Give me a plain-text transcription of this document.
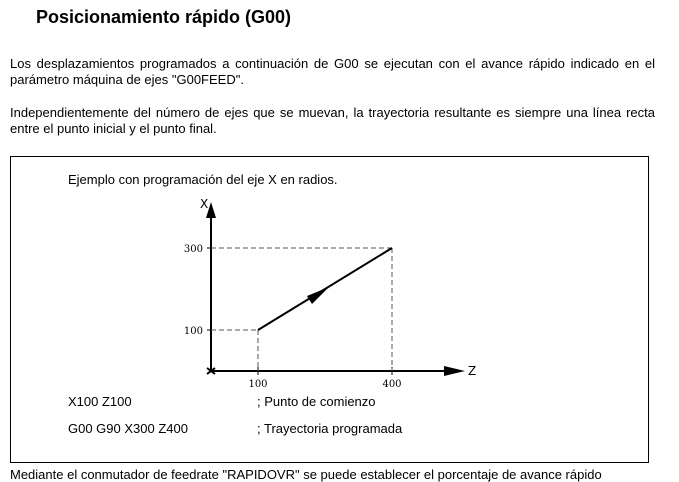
Posicionamiento rápido (G00)

Los desplazamientos programados a continuación de G00 se ejecutan con el avance rápido indicado en el parámetro máquina de ejes "G00FEED".

Independientemente del número de ejes que se muevan, la trayectoria resultante es siempre una línea recta entre el punto inicial y el punto final.

Ejemplo con programación del eje X en radios.
X
Z
300
100
100	400
X100 Z100	; Punto de comienzo
G00 G90 X300 Z400	; Trayectoria programada
Mediante el conmutador de feedrate "RAPIDOVR" se puede establecer el porcentaje de avance rápido
